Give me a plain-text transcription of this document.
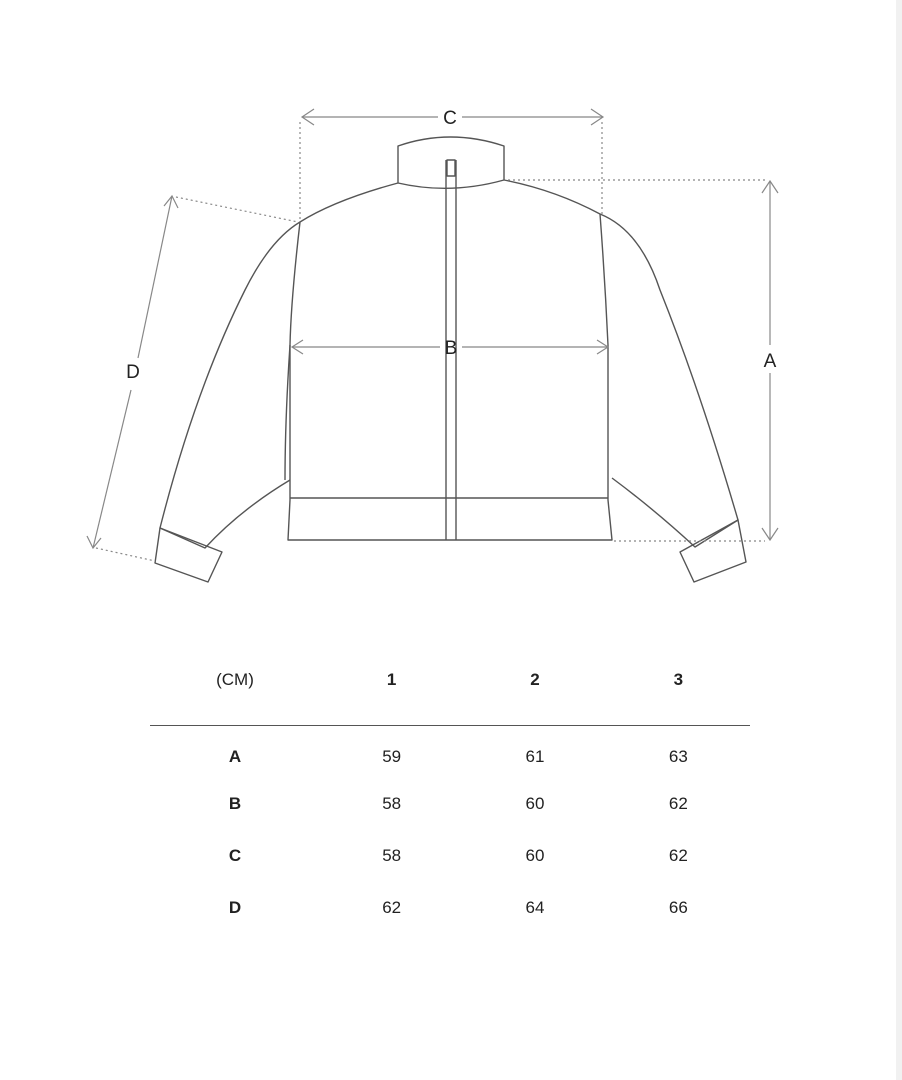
C
B
A
D
(CM)	1	2	3

A	59	61	63
B	58	60	62
C	58	60	62
D	62	64	66
